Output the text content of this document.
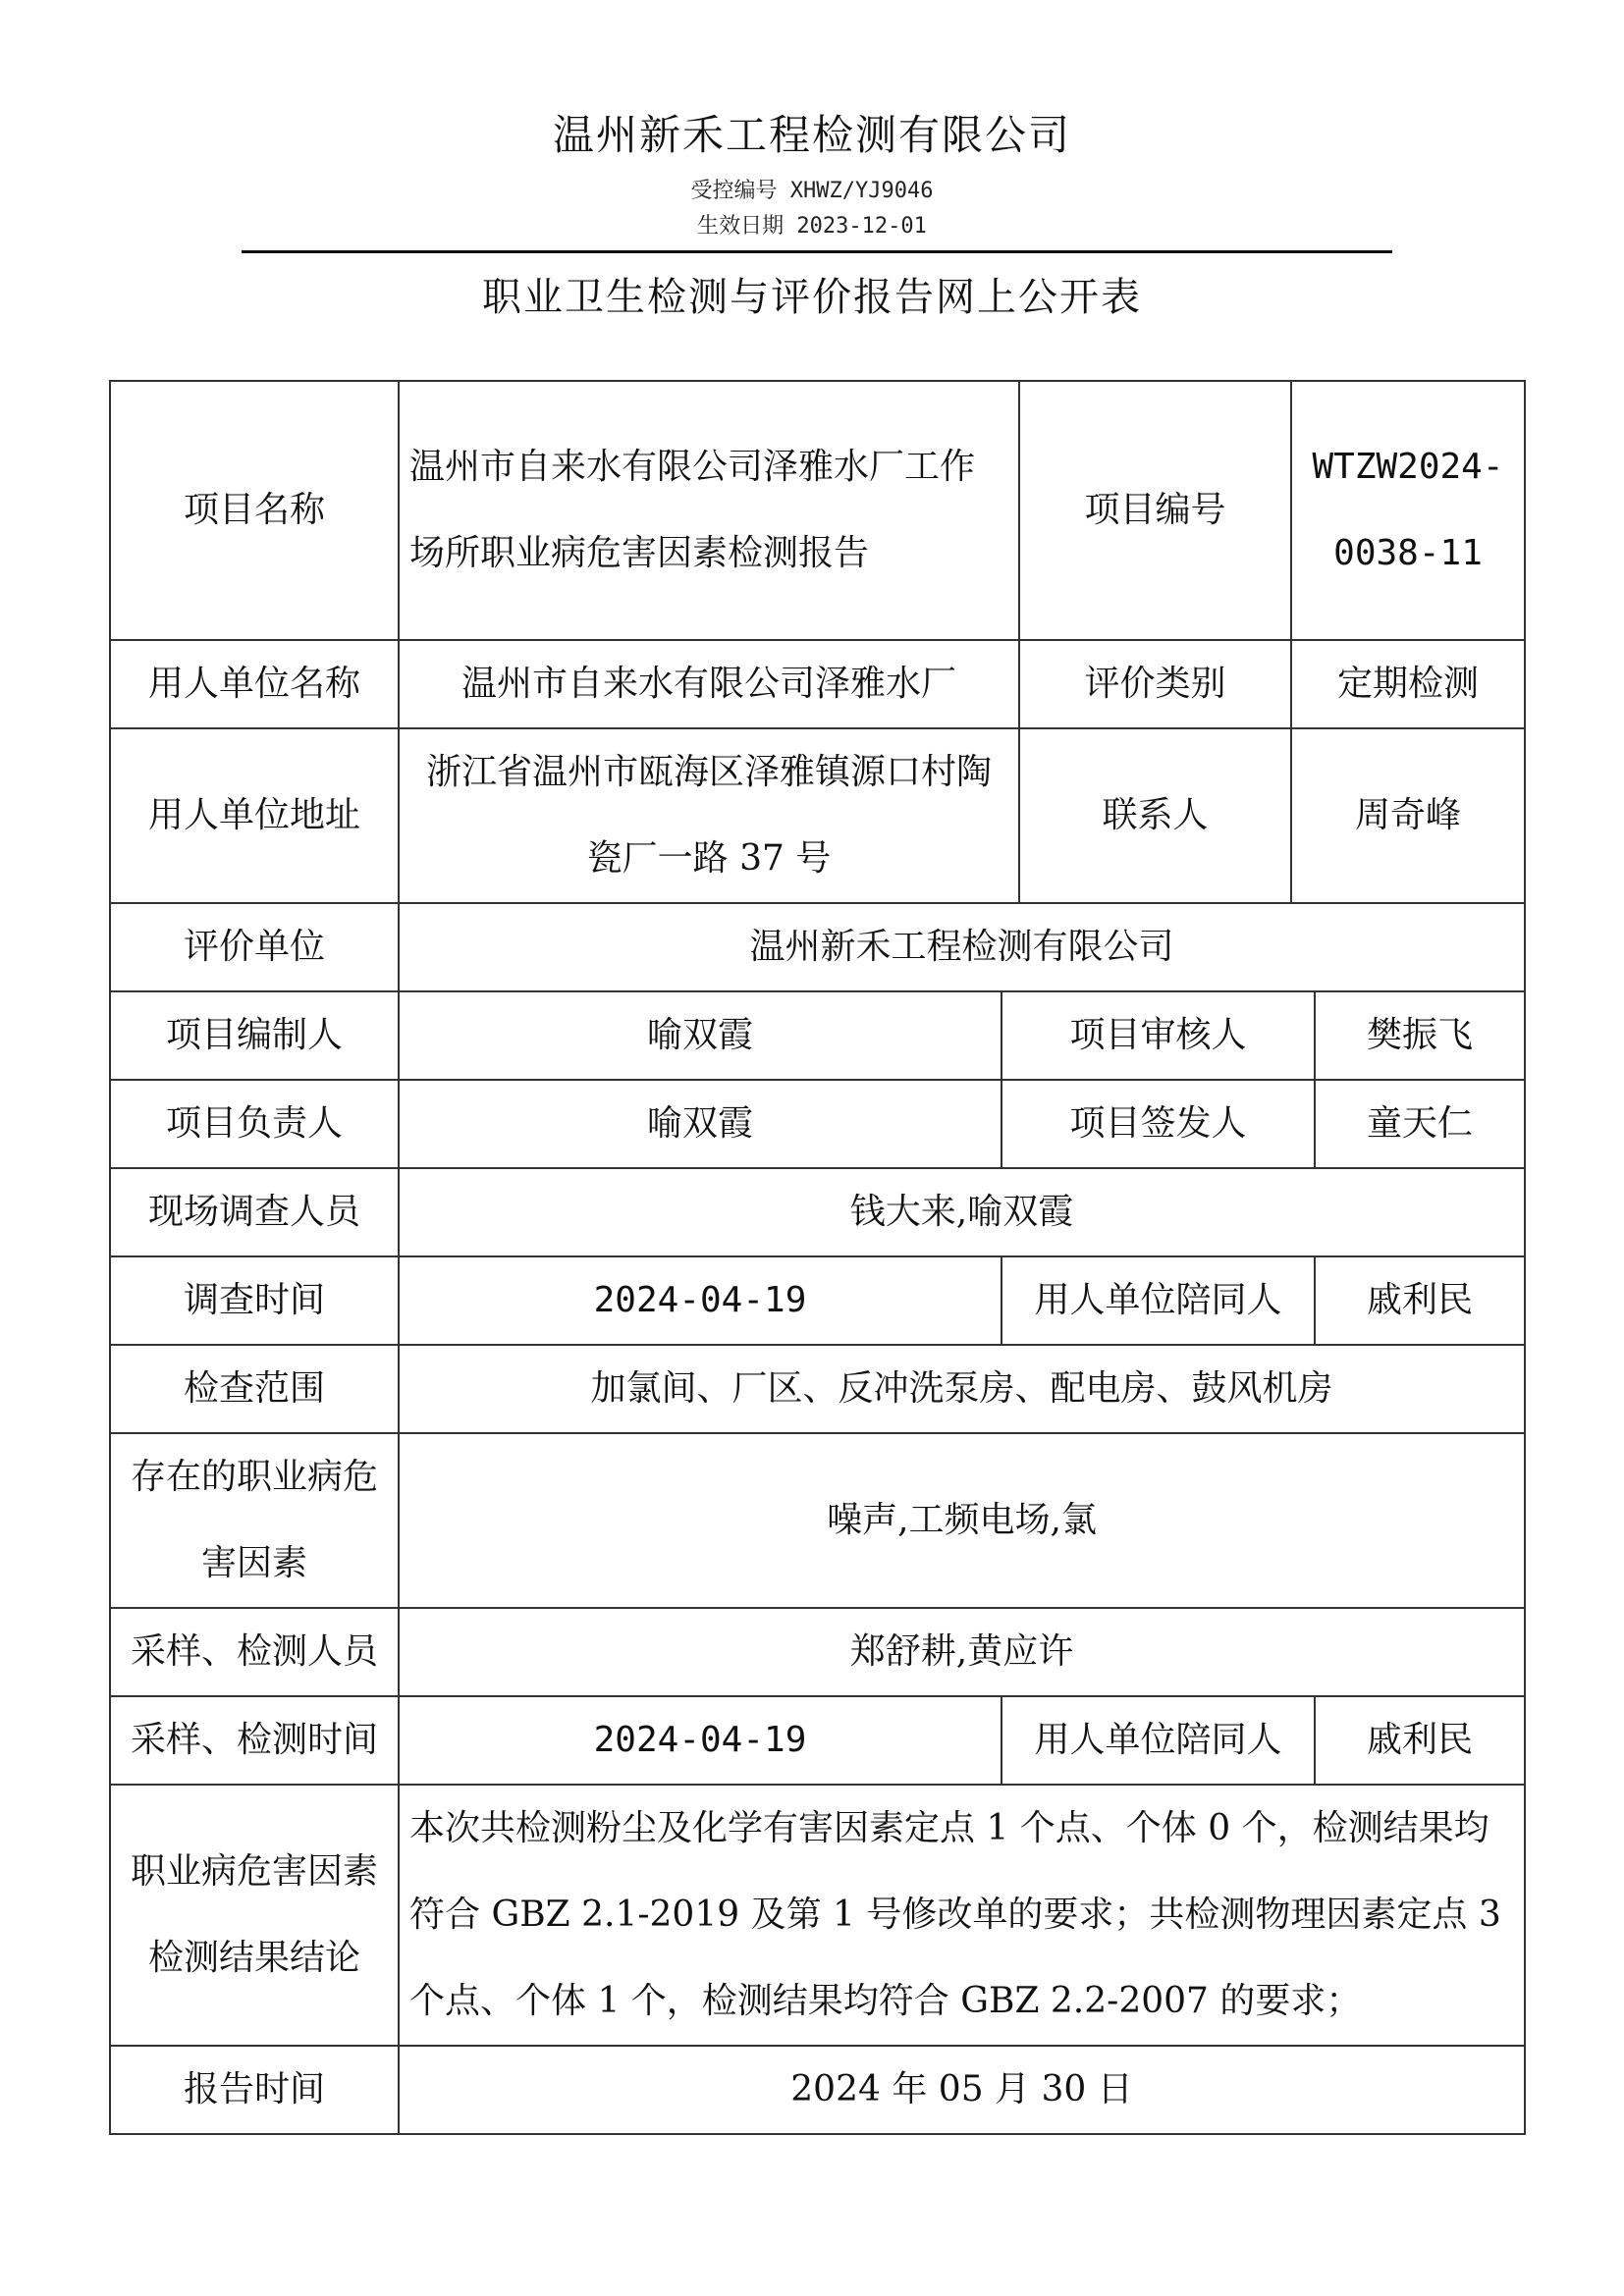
温州新禾工程检测有限公司
受控编号 XHWZ/YJ9046
生效日期 2023-12-01
职业卫生检测与评价报告网上公开表
项目名称	温州市自来水有限公司泽雅水厂工作场所职业病危害因素检测报告		项目编号	WTZW2024-0038-11	
用人单位名称	温州市自来水有限公司泽雅水厂		评价类别	定期检测	
用人单位地址	浙江省温州市瓯海区泽雅镇源口村陶瓷厂一路 37 号		联系人	周奇峰	
评价单位	温州新禾工程检测有限公司				
项目编制人	喻双霞	项目审核人			樊振飞
项目负责人	喻双霞	项目签发人			童天仁
现场调查人员	钱大来,喻双霞				
调查时间	2024-04-19	用人单位陪同人			戚利民
检查范围	加氯间、厂区、反冲洗泵房、配电房、鼓风机房				
存在的职业病危害因素	噪声,工频电场,氯				
采样、检测人员	郑舒耕,黄应许				
采样、检测时间	2024-04-19	用人单位陪同人			戚利民
职业病危害因素检测结果结论	本次共检测粉尘及化学有害因素定点 1 个点、个体 0 个，检测结果均符合 GBZ 2.1-2019 及第 1 号修改单的要求；共检测物理因素定点 3 个点、个体 1 个，检测结果均符合 GBZ 2.2-2007 的要求；				
报告时间	2024 年 05 月 30 日				
